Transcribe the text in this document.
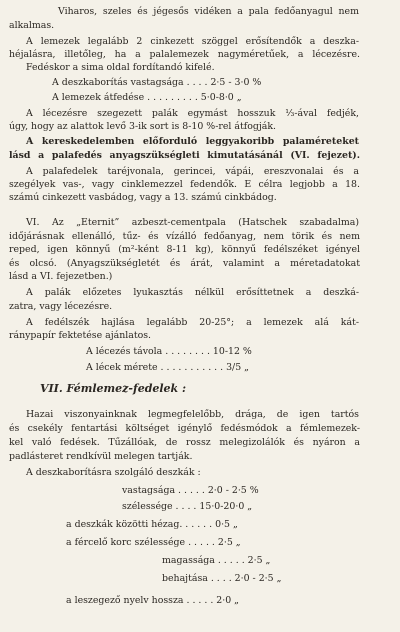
Viharos, szeles és jégesős vidéken a pala fedőanyagul nem
alkalmas.
A lemezek legalább 2 cinkezett szöggel erősítendők a deszka-
héjalásra, illetőleg, ha a palalemezek nagyméretűek, a lécezésre.
Fedéskor a sima oldal fordítandó kifelé.
A deszkaborítás vastagsága . . . . 2·5 - 3·0 %
A lemezek átfedése . . . . . . . . . 5·0-8·0 „
A lécezésre szegezett palák egymást hosszuk ⅓-ával fedjék,
úgy, hogy az alattok levő 3-ik sort is 8-10 %-rel átfogják.
A kereskedelemben előforduló leggyakoribb palaméreteket
lásd a palafedés anyagszükségleti kimutatásánál (VI. fejezet).
A palafedelek taréjvonala, gerincei, vápái, ereszvonalai és a
szegélyek vas-, vagy cinklemezzel fedendők. E célra legjobb a 18.
számú cinkezett vasbádog, vagy a 13. számú cinkbádog.
VI. Az „Eternit” azbeszt-cementpala (Hatschek szabadalma)
időjárásnak ellenálló, tűz- és vízálló fedőanyag, nem törik és nem
reped, igen könnyű (m²-ként 8-11 kg), könnyű fedélszéket igényel
és olcsó. (Anyagszükségletét és árát, valamint a méretadatokat
lásd a VI. fejezetben.)
A palák előzetes lyukasztás nélkül erősíttetnek a deszká-
zatra, vagy lécezésre.
A fedélszék hajlása legalább 20-25°; a lemezek alá kát-
ránypapír fektetése ajánlatos.
A lécezés távola . . . . . . . . 10-12 %
A lécek mérete . . . . . . . . . . . 3/5 „
VII. Fémlemez-fedelek :
Hazai viszonyainknak legmegfelelőbb, drága, de igen tartós
és csekély fentartási költséget igénylő fedésmódok a fémlemezek-
kel való fedések. Tűzállóak, de rossz melegizolálók és nyáron a
padlásteret rendkívül melegen tartják.
A deszkaborításra szolgáló deszkák :
vastagsága . . . . . 2·0 - 2·5 %
szélessége . . . . 15·0-20·0 „
a deszkák közötti hézag. . . . . . 0·5 „
a fércelő korc szélessége . . . . . 2·5 „
magassága . . . . . 2·5 „
behajtása . . . . 2·0 - 2·5 „
a leszegező nyelv hossza . . . . . 2·0 „
